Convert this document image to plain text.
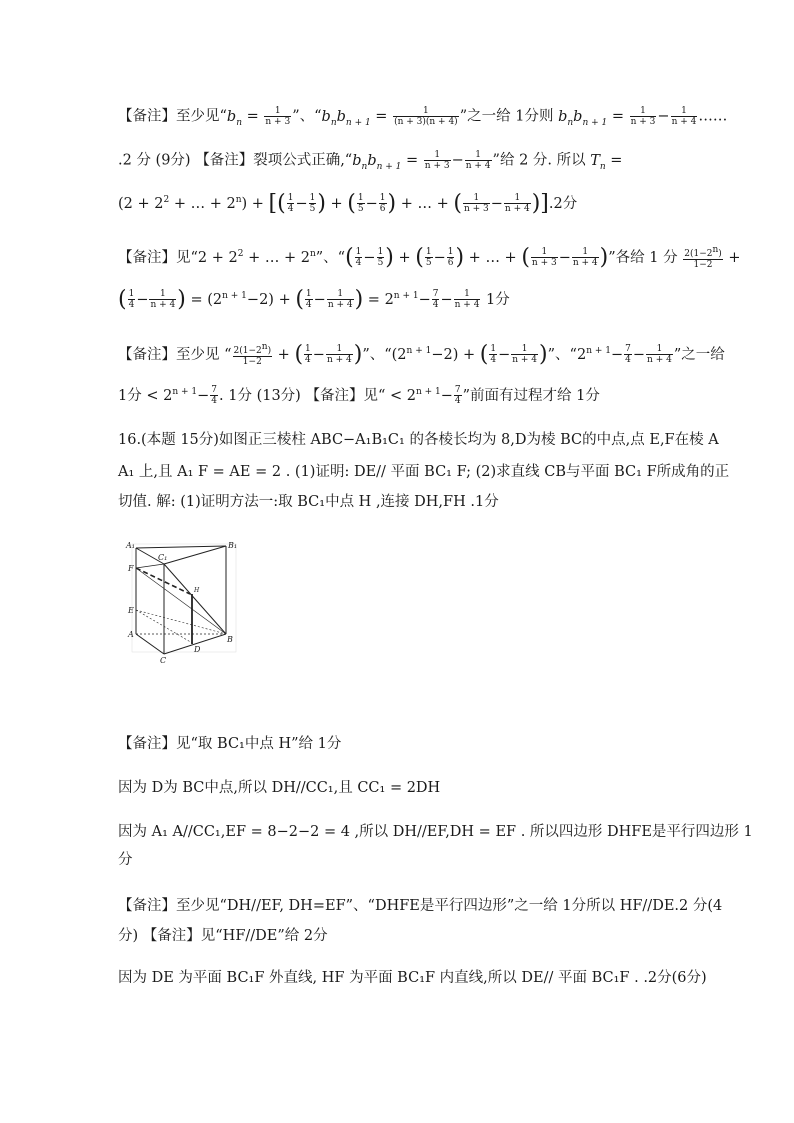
【备注】至少见“$b_n = \frac{1}{n + 3}$ ”、“$b_nb_{n + 1} = \frac{1}{(n + 3)(n + 4)}$ ”之一给 1分则 $b_nb_{n + 1} = \frac{1}{n + 3} - \frac{1}{n + 4}$ ……
.2 分 (9分) 【备注】裂项公式正确$,“b_nb_{n + 1} = \frac{1}{n + 3} - \frac{1}{n + 4}$ ”给 2 分. 所以 $T_n$ =
($2 + 2^2$ + … + $2^n$) + [( $\frac{1}{4} - \frac{1}{5}$ ) + ( $\frac{1}{5} - \frac{1}{6}$ ) + … + ( $\frac{1}{n + 3} - \frac{1}{n + 4} )].2$分
【备注】见“$2 + 2^2$ + … + $2^n$”、“( $\frac{1}{4} - \frac{1}{5}$ ) + ( $\frac{1}{5} - \frac{1}{6}$ ) + … + ( $\frac{1}{n + 3} - \frac{1}{n + 4}$ )”各给 1 分 $\frac{2(1-2^n)}{1-2}$ +
( $\frac{1}{4} - \frac{1}{n + 4}$ ) = $(2^{n + 1}-2)$ + ( $\frac{1}{4} - \frac{1}{n + 4}$ ) = $2^{n + 1}- \frac{7}{4} - \frac{1}{n + 4} 1$分
【备注】至少见 “ $\frac{2(1-2^n)}{1-2}$ + ( $\frac{1}{4} - \frac{1}{n + 4}$ )”、“$(2^{n + 1}-2)$ + ( $\frac{1}{4} - \frac{1}{n + 4}$ )”、“$2^{n + 1}- \frac{7}{4} - \frac{1}{n + 4}$ ”之一给
1分 < $2^{n + 1}- \frac{7}{4}$ . 1分 (13分) 【备注】见“ < $2^{n + 1}- \frac{7}{4}$ ”前面有过程才给 1分
16.(本题 15分)如图正三棱柱 ABC−A₁B₁C₁ 的各棱长均为 8,D为棱 BC的中点,点 E,F在棱 A
A₁ 上,且 A₁ F = AE = 2 . (1)证明: DE// 平面 BC₁ F; (2)求直线 CB与平面 BC₁ F所成角的正
切值. 解: (1)证明方法一:取 BC₁中点 H ,连接 DH,FH .1分
A₁	B₁
C₁
F
E
A
H
C
D
B
【备注】见“取 BC₁中点 H”给 1分
因为 D为 BC中点,所以 DH//CC₁,且 CC₁ = 2DH
因为 A₁ A//CC₁,EF = 8−2−2 = 4 ,所以 DH//EF,DH = EF . 所以四边形 DHFE是平行四边形 1
分
【备注】至少见“DH//EF, DH=EF”、“DHFE是平行四边形”之一给 1分所以 HF//DE.2 分(4
分) 【备注】见“HF//DE”给 2分
因为 DE 为平面 BC₁F 外直线, HF 为平面 BC₁F 内直线,所以 DE// 平面 BC₁F . .2分(6分)
